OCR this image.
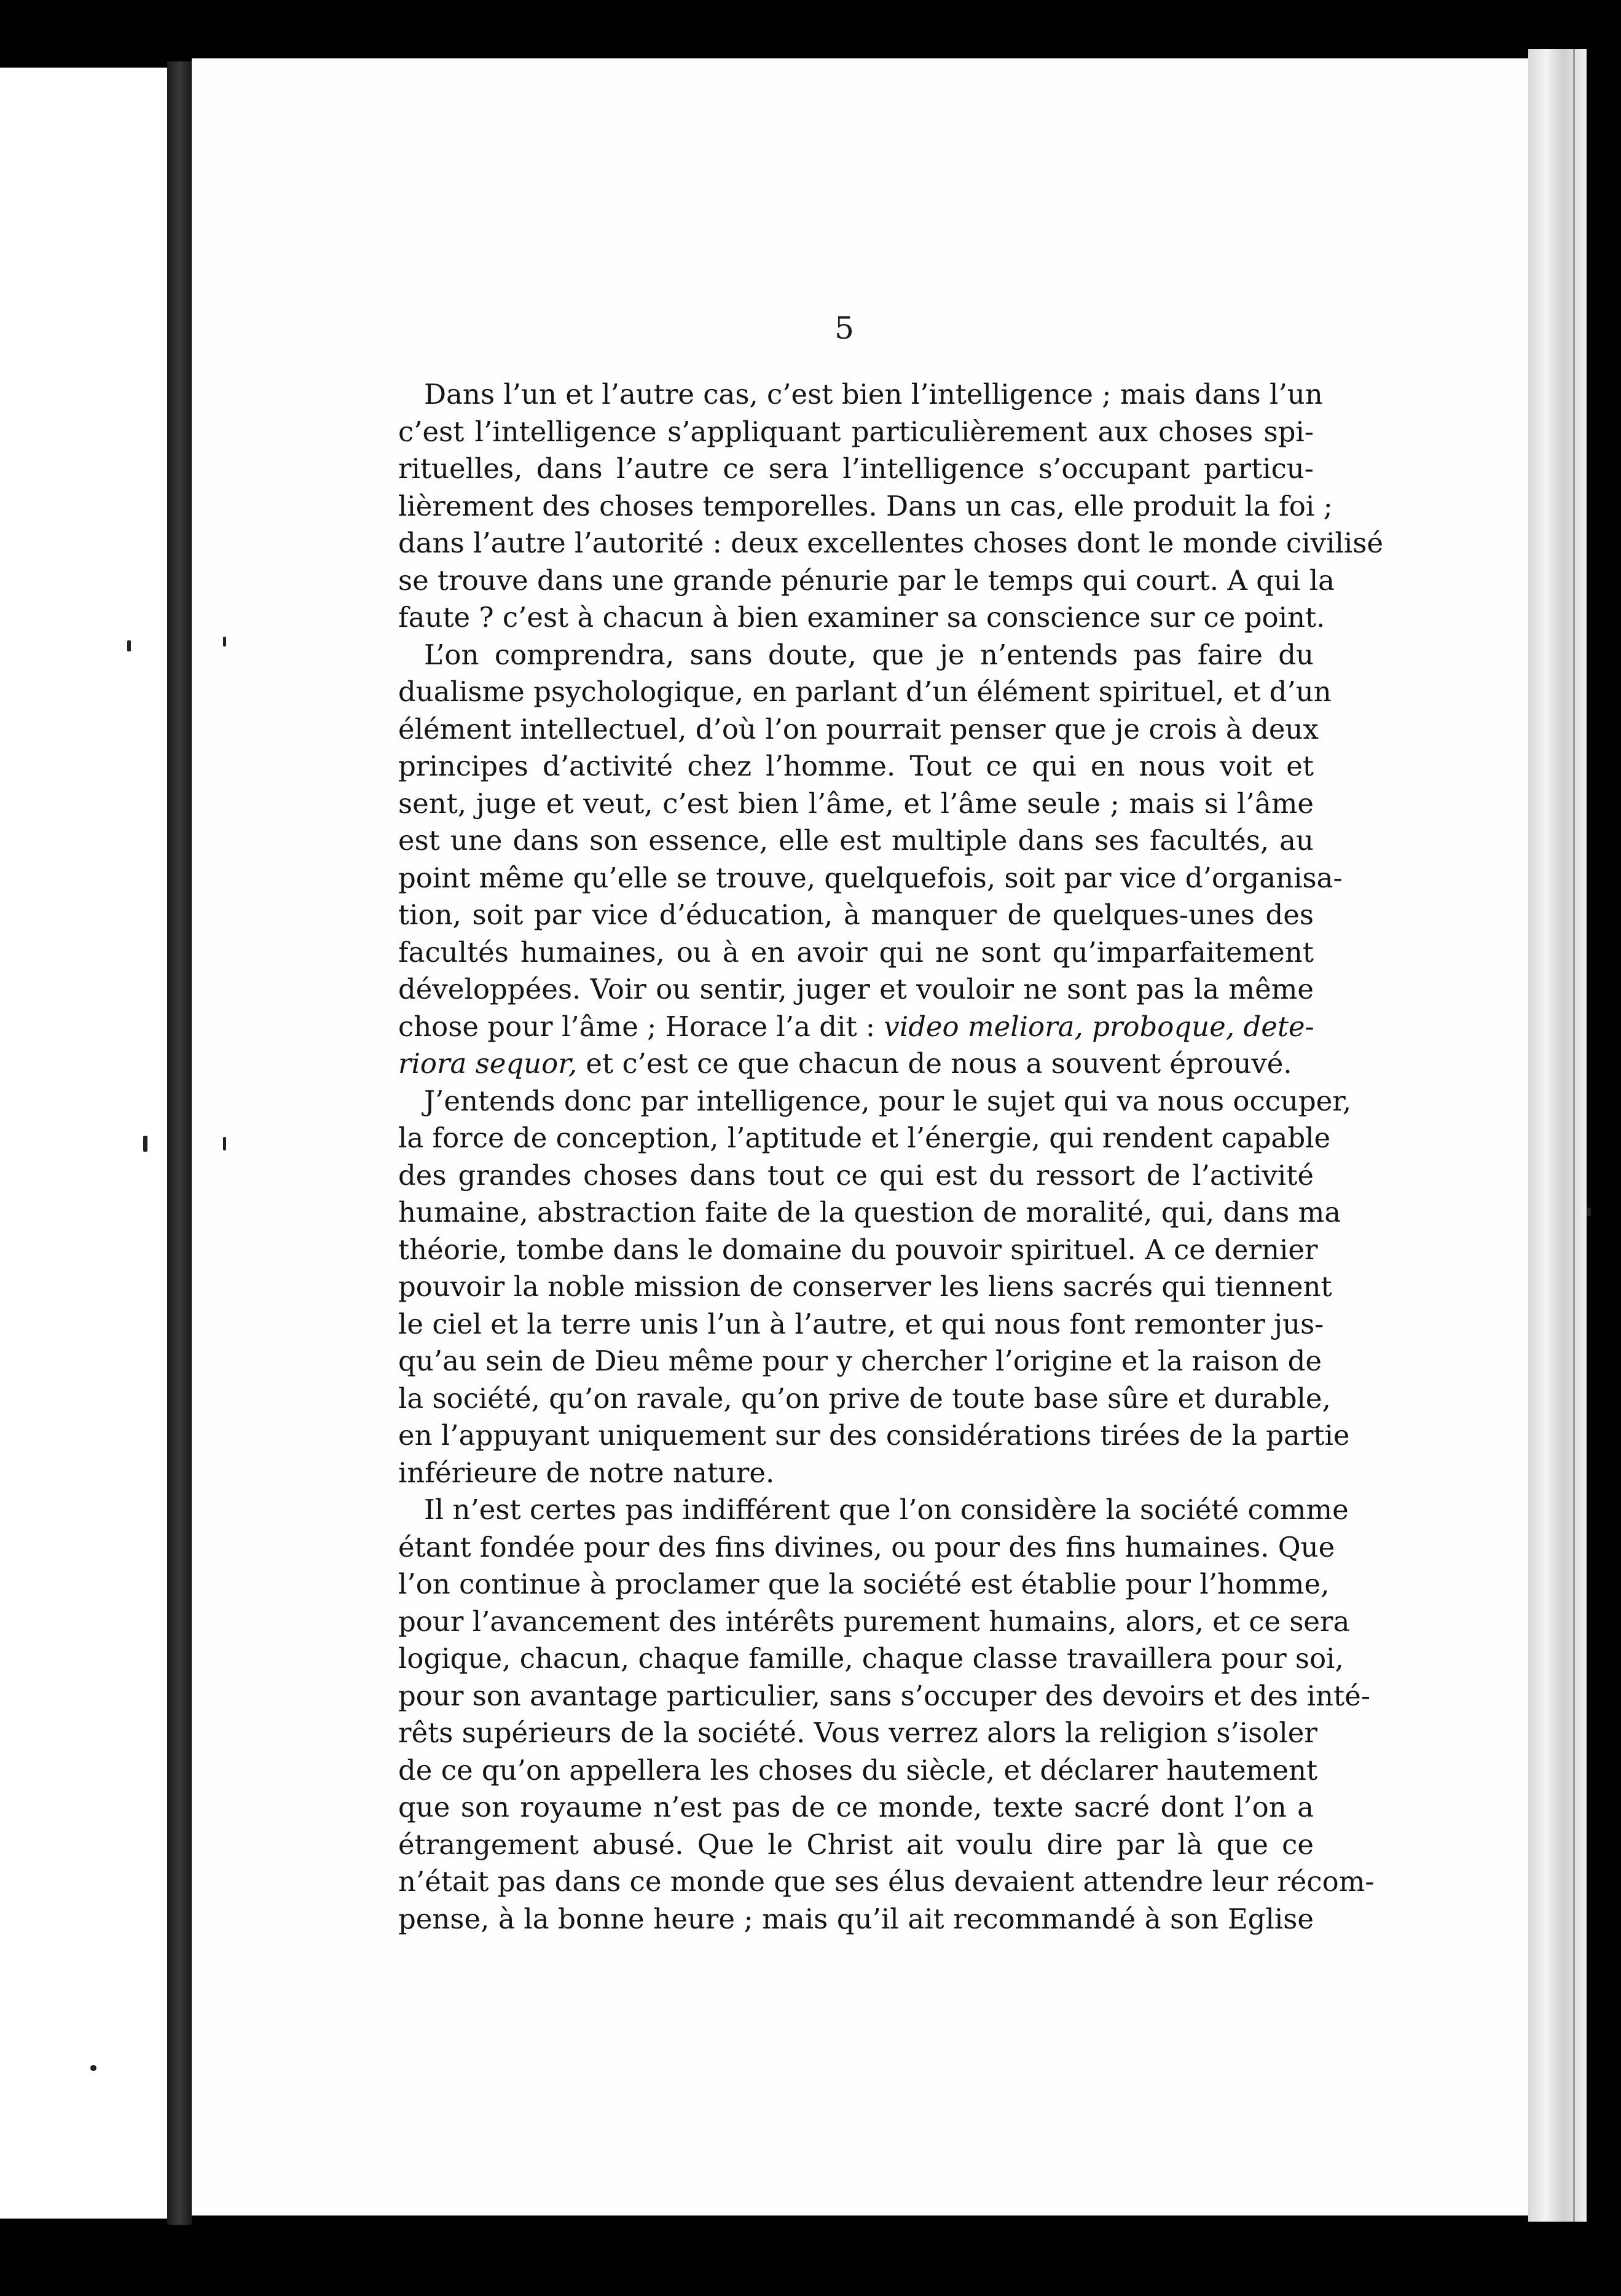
5

Dans l’un et l’autre cas, c’est bien l’intelligence ; mais dans l’un
c’est l’intelligence s’appliquant particulièrement aux choses spi-
rituelles, dans l’autre ce sera l’intelligence s’occupant particu-
lièrement des choses temporelles. Dans un cas, elle produit la foi ;
dans l’autre l’autorité : deux excellentes choses dont le monde civilisé
se trouve dans une grande pénurie par le temps qui court. A qui la
faute ? c’est à chacun à bien examiner sa conscience sur ce point.

L’on comprendra, sans doute, que je n’entends pas faire du
dualisme psychologique, en parlant d’un élément spirituel, et d’un
élément intellectuel, d’où l’on pourrait penser que je crois à deux
principes d’activité chez l’homme. Tout ce qui en nous voit et
sent, juge et veut, c’est bien l’âme, et l’âme seule ; mais si l’âme
est une dans son essence, elle est multiple dans ses facultés, au
point même qu’elle se trouve, quelquefois, soit par vice d’organisa-
tion, soit par vice d’éducation, à manquer de quelques-unes des
facultés humaines, ou à en avoir qui ne sont qu’imparfaitement
développées. Voir ou sentir, juger et vouloir ne sont pas la même
chose pour l’âme ; Horace l’a dit : video meliora, proboque, dete-
riora sequor, et c’est ce que chacun de nous a souvent éprouvé.

J’entends donc par intelligence, pour le sujet qui va nous occuper,
la force de conception, l’aptitude et l’énergie, qui rendent capable
des grandes choses dans tout ce qui est du ressort de l’activité
humaine, abstraction faite de la question de moralité, qui, dans ma
théorie, tombe dans le domaine du pouvoir spirituel. A ce dernier
pouvoir la noble mission de conserver les liens sacrés qui tiennent
le ciel et la terre unis l’un à l’autre, et qui nous font remonter jus-
qu’au sein de Dieu même pour y chercher l’origine et la raison de
la société, qu’on ravale, qu’on prive de toute base sûre et durable,
en l’appuyant uniquement sur des considérations tirées de la partie
inférieure de notre nature.

Il n’est certes pas indifférent que l’on considère la société comme
étant fondée pour des fins divines, ou pour des fins humaines. Que
l’on continue à proclamer que la société est établie pour l’homme,
pour l’avancement des intérêts purement humains, alors, et ce sera
logique, chacun, chaque famille, chaque classe travaillera pour soi,
pour son avantage particulier, sans s’occuper des devoirs et des inté-
rêts supérieurs de la société. Vous verrez alors la religion s’isoler
de ce qu’on appellera les choses du siècle, et déclarer hautement
que son royaume n’est pas de ce monde, texte sacré dont l’on a
étrangement abusé. Que le Christ ait voulu dire par là que ce
n’était pas dans ce monde que ses élus devaient attendre leur récom-
pense, à la bonne heure ; mais qu’il ait recommandé à son Eglise
